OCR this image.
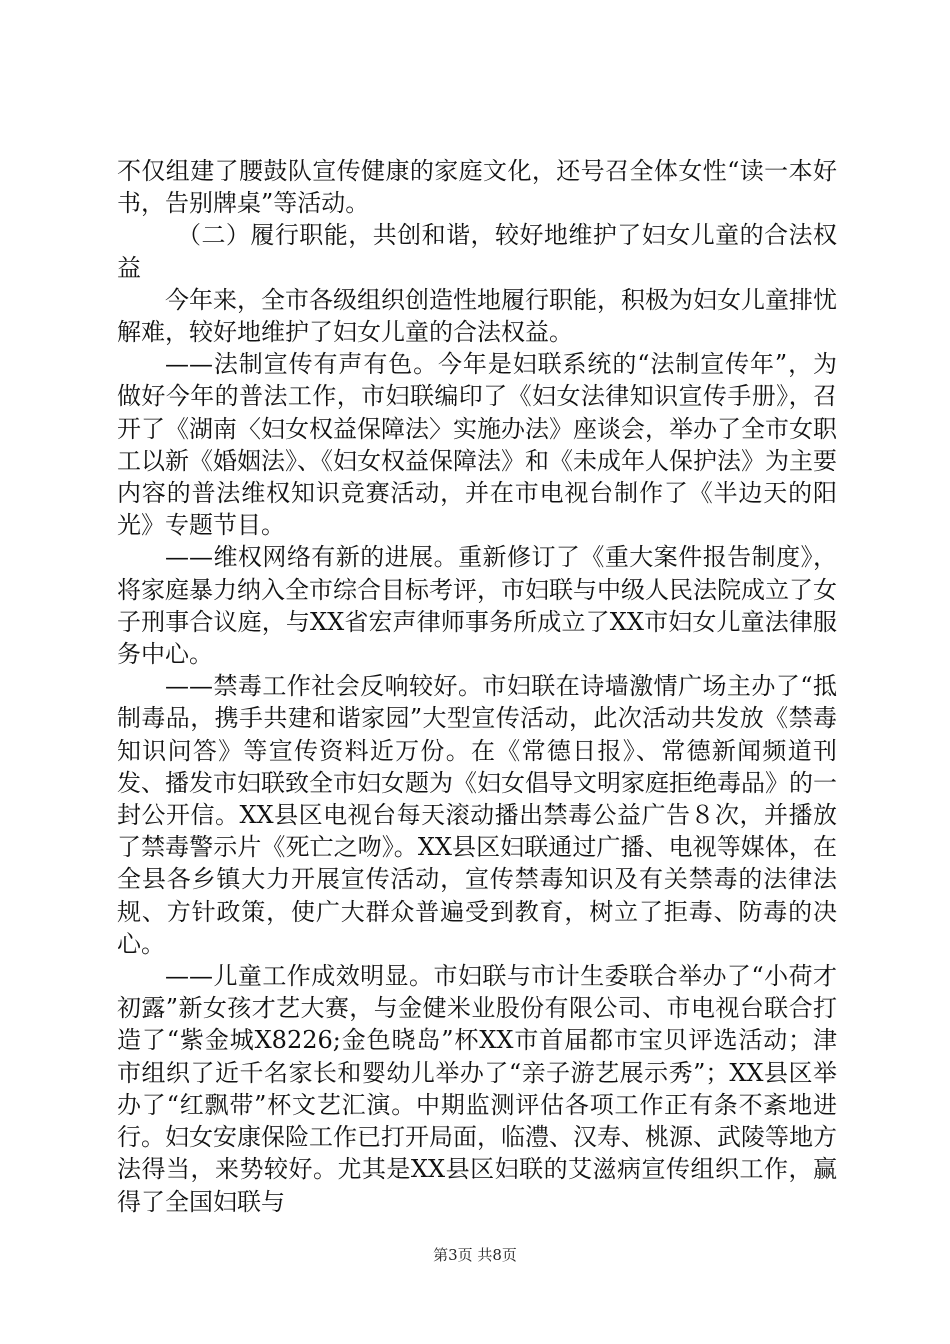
不仅组建了腰鼓队宣传健康的家庭文化，还号召全体女性“读一本好书，告别牌桌”等活动。

（二）履行职能，共创和谐，较好地维护了妇女儿童的合法权益

今年来，全市各级组织创造性地履行职能，积极为妇女儿童排忧解难，较好地维护了妇女儿童的合法权益。

——法制宣传有声有色。今年是妇联系统的“法制宣传年”，为做好今年的普法工作，市妇联编印了《妇女法律知识宣传手册》，召开了《湖南〈妇女权益保障法〉实施办法》座谈会，举办了全市女职工以新《婚姻法》、《妇女权益保障法》和《未成年人保护法》为主要内容的普法维权知识竞赛活动，并在市电视台制作了《半边天的阳光》专题节目。

——维权网络有新的进展。重新修订了《重大案件报告制度》，将家庭暴力纳入全市综合目标考评，市妇联与中级人民法院成立了女子刑事合议庭，与XX省宏声律师事务所成立了XX市妇女儿童法律服务中心。

——禁毒工作社会反响较好。市妇联在诗墙激情广场主办了“抵制毒品，携手共建和谐家园”大型宣传活动，此次活动共发放《禁毒知识问答》等宣传资料近万份。在《常德日报》、常德新闻频道刊发、播发市妇联致全市妇女题为《妇女倡导文明家庭拒绝毒品》的一封公开信。XX县区电视台每天滚动播出禁毒公益广告８次，并播放了禁毒警示片《死亡之吻》。XX县区妇联通过广播、电视等媒体，在全县各乡镇大力开展宣传活动，宣传禁毒知识及有关禁毒的法律法规、方针政策，使广大群众普遍受到教育，树立了拒毒、防毒的决心。

——儿童工作成效明显。市妇联与市计生委联合举办了“小荷才初露”新女孩才艺大赛，与金健米业股份有限公司、市电视台联合打造了“紫金城X8226;金色晓岛”杯XX市首届都市宝贝评选活动；津市组织了近千名家长和婴幼儿举办了“亲子游艺展示秀”；XX县区举办了“红飘带”杯文艺汇演。中期监测评估各项工作正有条不紊地进行。妇女安康保险工作已打开局面，临澧、汉寿、桃源、武陵等地方法得当，来势较好。尤其是XX县区妇联的艾滋病宣传组织工作，赢得了全国妇联与

第3页 共8页
